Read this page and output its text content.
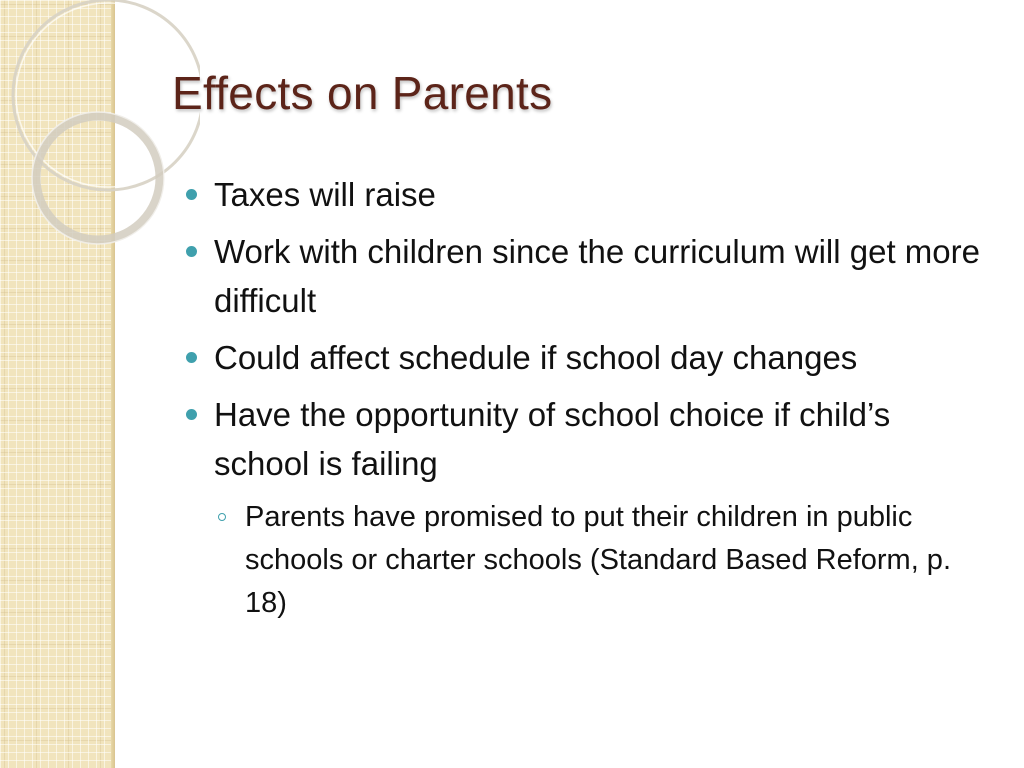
Effects on Parents
Taxes will raise
Work with children since the curriculum will get more difficult
Could affect schedule if school day changes
Have the opportunity of school choice if child’s school is failing
Parents have promised to put their children in public schools or charter schools (Standard Based Reform, p. 18)
